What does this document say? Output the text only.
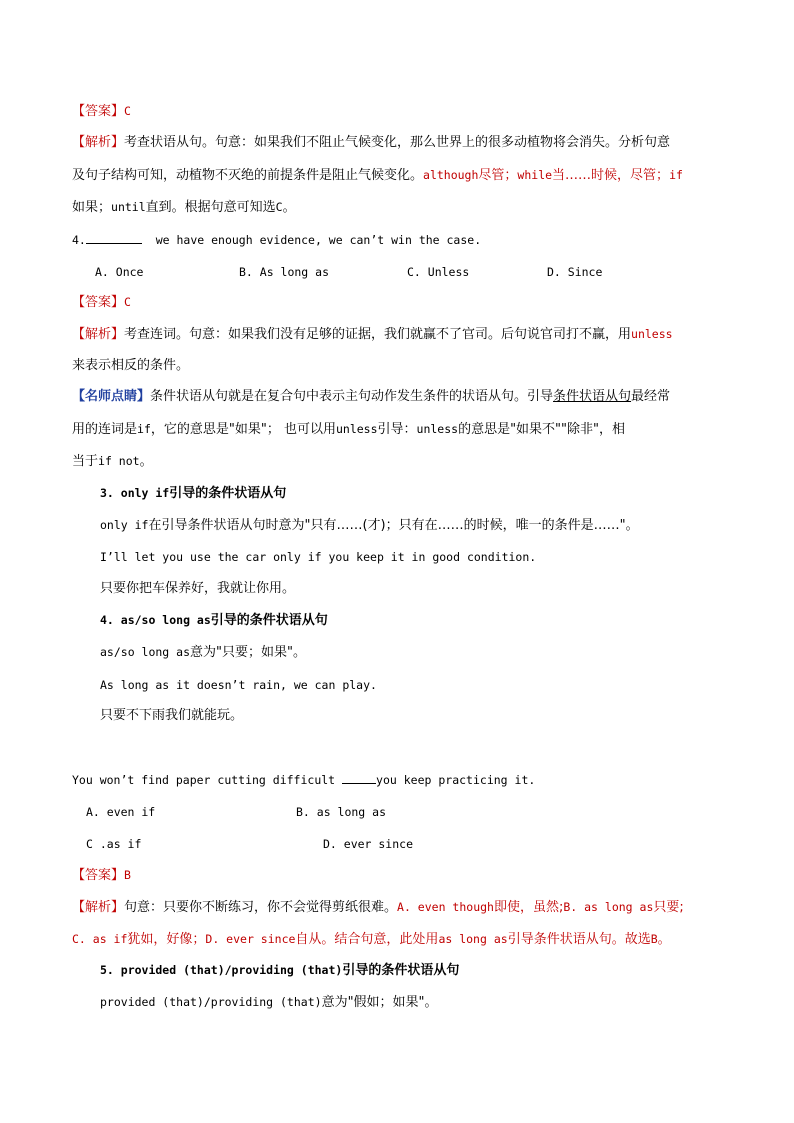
【答案】C
【解析】考查状语从句。句意：如果我们不阻止气候变化，那么世界上的很多动植物将会消失。分析句意
及句子结构可知，动植物不灭绝的前提条件是阻止气候变化。although尽管；while当……时候，尽管；if
如果；until直到。根据句意可知选C。
4.	we have enough evidence, we can’t win the case.
A. Once	B. As long as	C. Unless	D. Since
【答案】C
【解析】考查连词。句意：如果我们没有足够的证据，我们就赢不了官司。后句说官司打不赢，用unless
来表示相反的条件。
【名师点睛】条件状语从句就是在复合句中表示主句动作发生条件的状语从句。引导条件状语从句最经常
用的连词是if，它的意思是"如果"； 也可以用unless引导：unless的意思是"如果不""除非"，相
当于if not。
3. only if引导的条件状语从句
only if在引导条件状语从句时意为"只有……(才)；只有在……的时候，唯一的条件是……"。
I’ll let you use the car only if you keep it in good condition.
只要你把车保养好，我就让你用。
4. as/so long as引导的条件状语从句
as/so long as意为"只要；如果"。
As long as it doesn’t rain, we can play.
只要不下雨我们就能玩。
You won’t find paper cutting difficult	you keep practicing it.
A. even if	B. as long as
C .as if	D. ever since
【答案】B
【解析】句意：只要你不断练习，你不会觉得剪纸很难。A. even though即使，虽然;B. as long as只要;
C. as if犹如，好像；D. ever since自从。结合句意，此处用as long as引导条件状语从句。故选B。
5. provided (that)/providing (that)引导的条件状语从句
provided (that)/providing (that)意为"假如；如果"。
